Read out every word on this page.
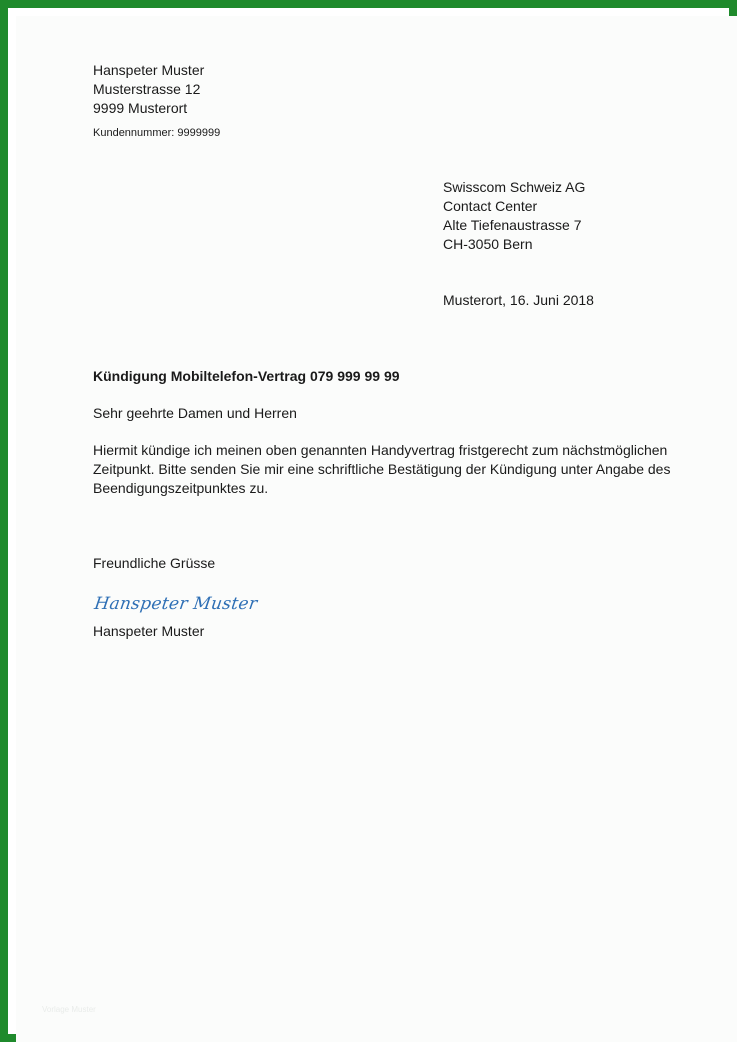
Hanspeter Muster
Musterstrasse 12
9999 Musterort
Kundennummer: 9999999
Swisscom Schweiz AG
Contact Center
Alte Tiefenaustrasse 7
CH-3050 Bern
Musterort, 16. Juni 2018
Kündigung Mobiltelefon-Vertrag 079 999 99 99
Sehr geehrte Damen und Herren
Hiermit kündige ich meinen oben genannten Handyvertrag fristgerecht zum nächstmöglichen
Zeitpunkt. Bitte senden Sie mir eine schriftliche Bestätigung der Kündigung unter Angabe des
Beendigungszeitpunktes zu.
Freundliche Grüsse
Hanspeter Muster
Hanspeter Muster
Vorlage Muster
